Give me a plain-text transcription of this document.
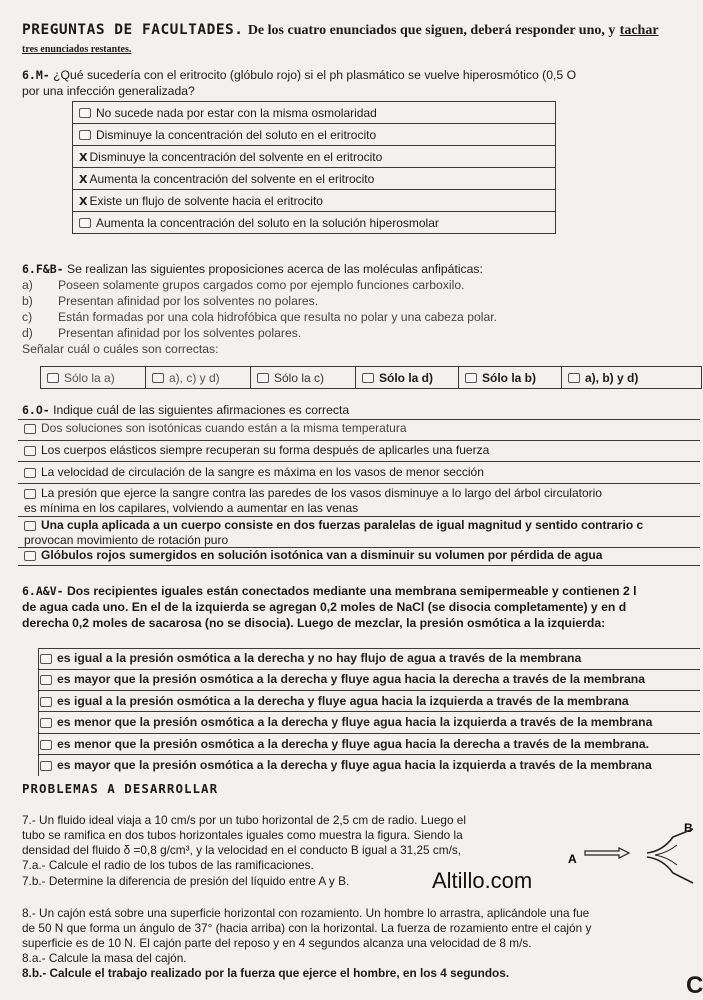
PREGUNTAS DE FACULTADES. De los cuatro enunciados que siguen, deberá responder uno, y tachar
tres enunciados restantes.
6.M- ¿Qué sucedería con el eritrocito (glóbulo rojo) si el ph plasmático se vuelve hiperosmótico (0,5 O
por una infección generalizada?
No sucede nada por estar con la misma osmolaridad
Disminuye la concentración del soluto en el eritrocito
X Disminuye la concentración del solvente en el eritrocito
X Aumenta la concentración del solvente en el eritrocito
X Existe un flujo de solvente hacia el eritrocito
Aumenta la concentración del soluto en la solución hiperosmolar
6.F&B- Se realizan las siguientes proposiciones acerca de las moléculas anfipáticas:
a) Poseen solamente grupos cargados como por ejemplo funciones carboxilo.
b) Presentan afinidad por los solventes no polares.
c) Están formadas por una cola hidrofóbica que resulta no polar y una cabeza polar.
d) Presentan afinidad por los solventes polares.
Señalar cuál o cuáles son correctas:
Sólo la a)	a), c) y d)	Sólo la c)	Sólo la d)	Sólo la b)	a), b) y d)
6.O- Indique cuál de las siguientes afirmaciones es correcta
Dos soluciones son isotónicas cuando están a la misma temperatura
Los cuerpos elásticos siempre recuperan su forma después de aplicarles una fuerza
La velocidad de circulación de la sangre es máxima en los vasos de menor sección
La presión que ejerce la sangre contra las paredes de los vasos disminuye a lo largo del árbol circulatorio
es mínima en los capilares, volviendo a aumentar en las venas
Una cupla aplicada a un cuerpo consiste en dos fuerzas paralelas de igual magnitud y sentido contrario c
provocan movimiento de rotación puro
Glóbulos rojos sumergidos en solución isotónica van a disminuir su volumen por pérdida de agua
6.A&V- Dos recipientes iguales están conectados mediante una membrana semipermeable y contienen 2 l
de agua cada uno. En el de la izquierda se agregan 0,2 moles de NaCl (se disocia completamente) y en d
derecha 0,2 moles de sacarosa (no se disocia). Luego de mezclar, la presión osmótica a la izquierda:
es igual a la presión osmótica a la derecha y no hay flujo de agua a través de la membrana
es mayor que la presión osmótica a la derecha y fluye agua hacia la derecha a través de la membrana
es igual a la presión osmótica a la derecha y fluye agua hacia la izquierda a través de la membrana
es menor que la presión osmótica a la derecha y fluye agua hacia la izquierda a través de la membrana
es menor que la presión osmótica a la derecha y fluye agua hacia la derecha a través de la membrana.
es mayor que la presión osmótica a la derecha y fluye agua hacia la izquierda a través de la membrana
PROBLEMAS A DESARROLLAR
7.- Un fluido ideal viaja a 10 cm/s por un tubo horizontal de 2,5 cm de radio. Luego el
tubo se ramifica en dos tubos horizontales iguales como muestra la figura. Siendo la
densidad del fluido δ =0,8 g/cm³, y la velocidad en el conducto B igual a 31,25 cm/s,
7.a.- Calcule el radio de los tubos de las ramificaciones.
7.b.- Determine la diferencia de presión del líquido entre A y B.
A
B
Altillo.com
8.- Un cajón está sobre una superficie horizontal con rozamiento. Un hombre lo arrastra, aplicándole una fue
de 50 N que forma un ángulo de 37° (hacia arriba) con la horizontal. La fuerza de rozamiento entre el cajón y
superficie es de 10 N. El cajón parte del reposo y en 4 segundos alcanza una velocidad de 8 m/s.
8.a.- Calcule la masa del cajón.
8.b.- Calcule el trabajo realizado por la fuerza que ejerce el hombre, en los 4 segundos.	C
